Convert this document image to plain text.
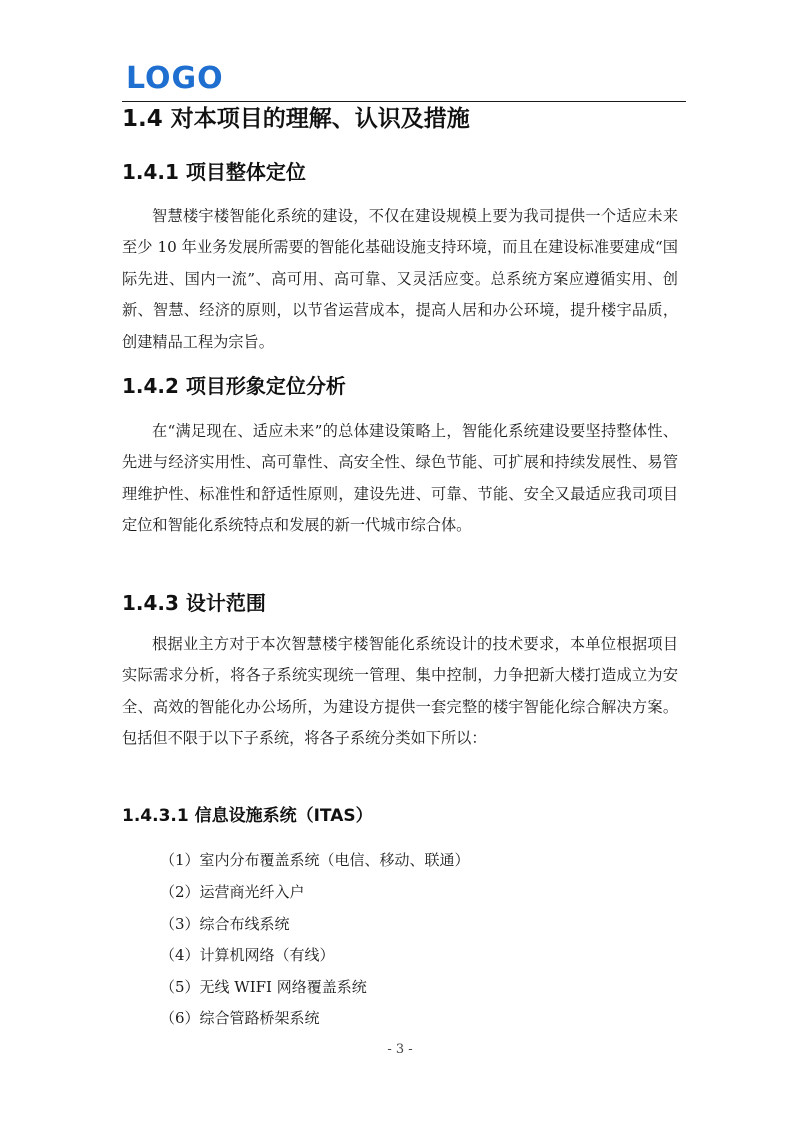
LOGO
1.4 对本项目的理解、认识及措施
1.4.1 项目整体定位
智慧楼宇楼智能化系统的建设，不仅在建设规模上要为我司提供一个适应未来至少 10 年业务发展所需要的智能化基础设施支持环境，而且在建设标准要建成“国际先进、国内一流”、高可用、高可靠、又灵活应变。总系统方案应遵循实用、创新、智慧、经济的原则，以节省运营成本，提高人居和办公环境，提升楼宇品质，创建精品工程为宗旨。
1.4.2 项目形象定位分析
在“满足现在、适应未来”的总体建设策略上，智能化系统建设要坚持整体性、先进与经济实用性、高可靠性、高安全性、绿色节能、可扩展和持续发展性、易管理维护性、标准性和舒适性原则，建设先进、可靠、节能、安全又最适应我司项目定位和智能化系统特点和发展的新一代城市综合体。
1.4.3 设计范围
根据业主方对于本次智慧楼宇楼智能化系统设计的技术要求，本单位根据项目实际需求分析，将各子系统实现统一管理、集中控制，力争把新大楼打造成立为安全、高效的智能化办公场所，为建设方提供一套完整的楼宇智能化综合解决方案。包括但不限于以下子系统，将各子系统分类如下所以：
1.4.3.1 信息设施系统（ITAS）
（1）室内分布覆盖系统（电信、移动、联通）
（2）运营商光纤入户
（3）综合布线系统
（4）计算机网络（有线）
（5）无线 WIFI 网络覆盖系统
（6）综合管路桥架系统
- 3 -
